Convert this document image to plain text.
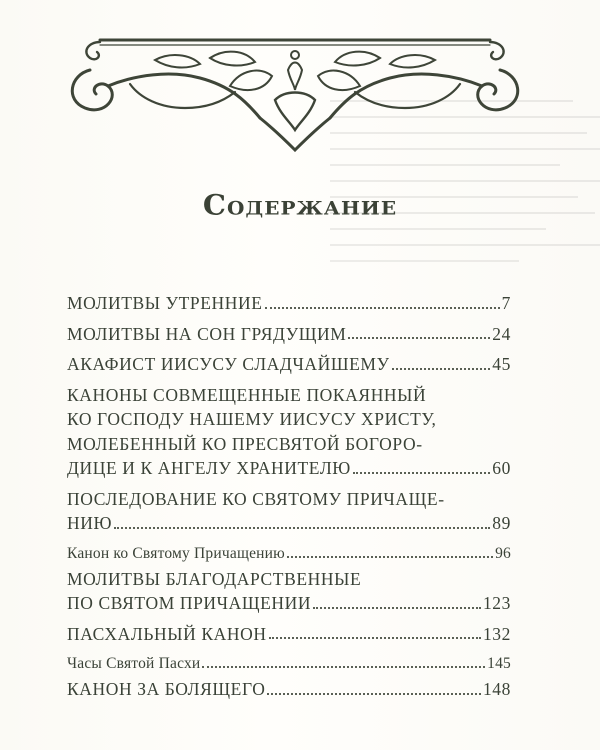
Содержание
МОЛИТВЫ УТРЕННИЕ	7
МОЛИТВЫ НА СОН ГРЯДУЩИМ	24
АКАФИСТ ИИСУСУ СЛАДЧАЙШЕМУ	45
КАНОНЫ СОВМЕЩЕННЫЕ ПОКАЯННЫЙ
КО ГОСПОДУ НАШЕМУ ИИСУСУ ХРИСТУ,
МОЛЕБЕННЫЙ КО ПРЕСВЯТОЙ БОГОРО-
ДИЦЕ И К АНГЕЛУ ХРАНИТЕЛЮ	60
ПОСЛЕДОВАНИЕ КО СВЯТОМУ ПРИЧАЩЕ-
НИЮ	89
Канон ко Святому Причащению	96
МОЛИТВЫ БЛАГОДАРСТВЕННЫЕ
ПО СВЯТОМ ПРИЧАЩЕНИИ	123
ПАСХАЛЬНЫЙ КАНОН	132
Часы Святой Пасхи	145
КАНОН ЗА БОЛЯЩЕГО	148
